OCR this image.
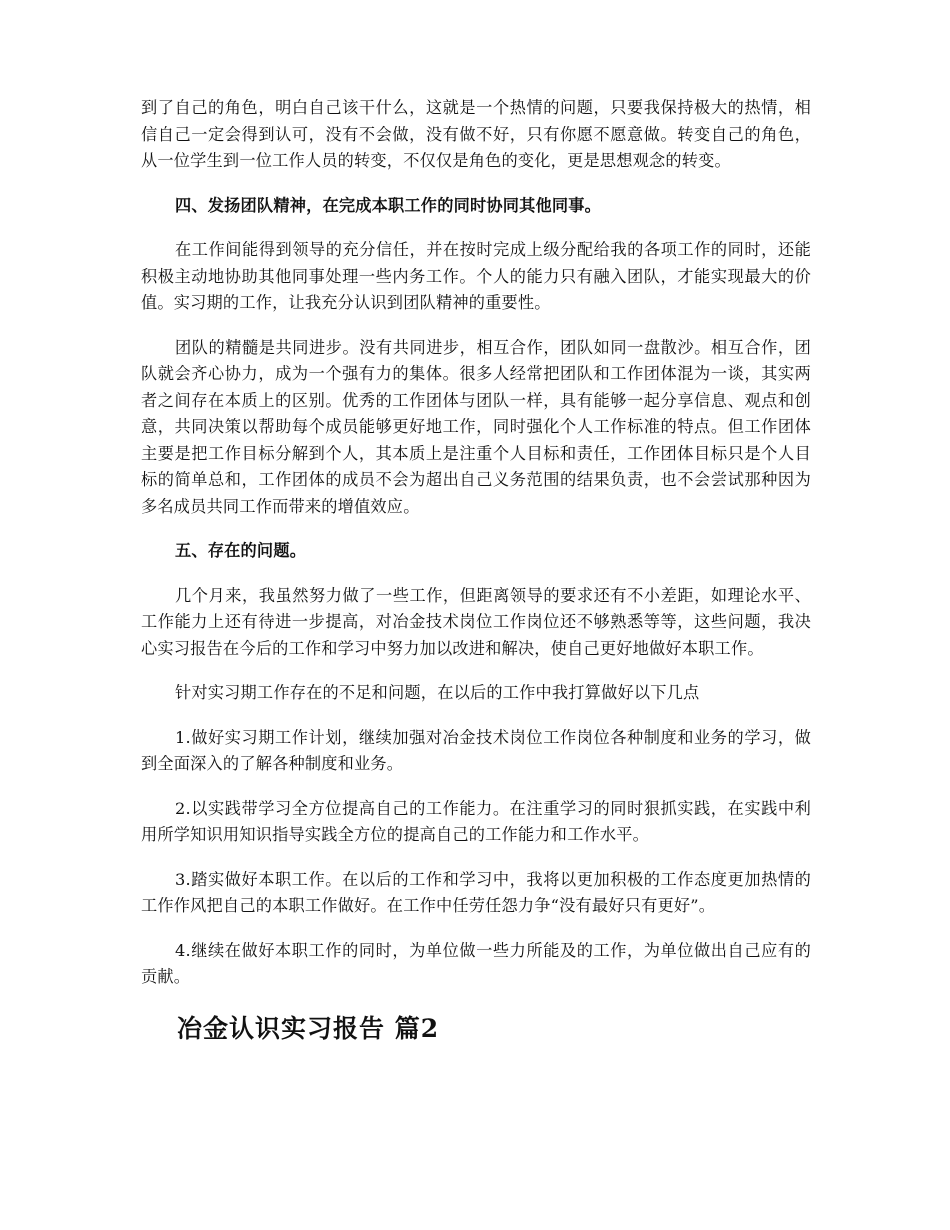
到了自己的角色，明白自己该干什么，这就是一个热情的问题，只要我保持极大的热情，相信自己一定会得到认可，没有不会做，没有做不好，只有你愿不愿意做。转变自己的角色，从一位学生到一位工作人员的转变，不仅仅是角色的变化，更是思想观念的转变。

四、发扬团队精神，在完成本职工作的同时协同其他同事。

在工作间能得到领导的充分信任，并在按时完成上级分配给我的各项工作的同时，还能积极主动地协助其他同事处理一些内务工作。个人的能力只有融入团队，才能实现最大的价值。实习期的工作，让我充分认识到团队精神的重要性。

团队的精髓是共同进步。没有共同进步，相互合作，团队如同一盘散沙。相互合作，团队就会齐心协力，成为一个强有力的集体。很多人经常把团队和工作团体混为一谈，其实两者之间存在本质上的区别。优秀的工作团体与团队一样，具有能够一起分享信息、观点和创意，共同决策以帮助每个成员能够更好地工作，同时强化个人工作标准的特点。但工作团体主要是把工作目标分解到个人，其本质上是注重个人目标和责任，工作团体目标只是个人目标的简单总和，工作团体的成员不会为超出自己义务范围的结果负责，也不会尝试那种因为多名成员共同工作而带来的增值效应。

五、存在的问题。

几个月来，我虽然努力做了一些工作，但距离领导的要求还有不小差距，如理论水平、工作能力上还有待进一步提高，对冶金技术岗位工作岗位还不够熟悉等等，这些问题，我决心实习报告在今后的工作和学习中努力加以改进和解决，使自己更好地做好本职工作。

针对实习期工作存在的不足和问题，在以后的工作中我打算做好以下几点

1.做好实习期工作计划，继续加强对冶金技术岗位工作岗位各种制度和业务的学习，做到全面深入的了解各种制度和业务。

2.以实践带学习全方位提高自己的工作能力。在注重学习的同时狠抓实践，在实践中利用所学知识用知识指导实践全方位的提高自己的工作能力和工作水平。

3.踏实做好本职工作。在以后的工作和学习中，我将以更加积极的工作态度更加热情的工作作风把自己的本职工作做好。在工作中任劳任怨力争“没有最好只有更好”。

4.继续在做好本职工作的同时，为单位做一些力所能及的工作，为单位做出自己应有的贡献。

冶金认识实习报告 篇2
